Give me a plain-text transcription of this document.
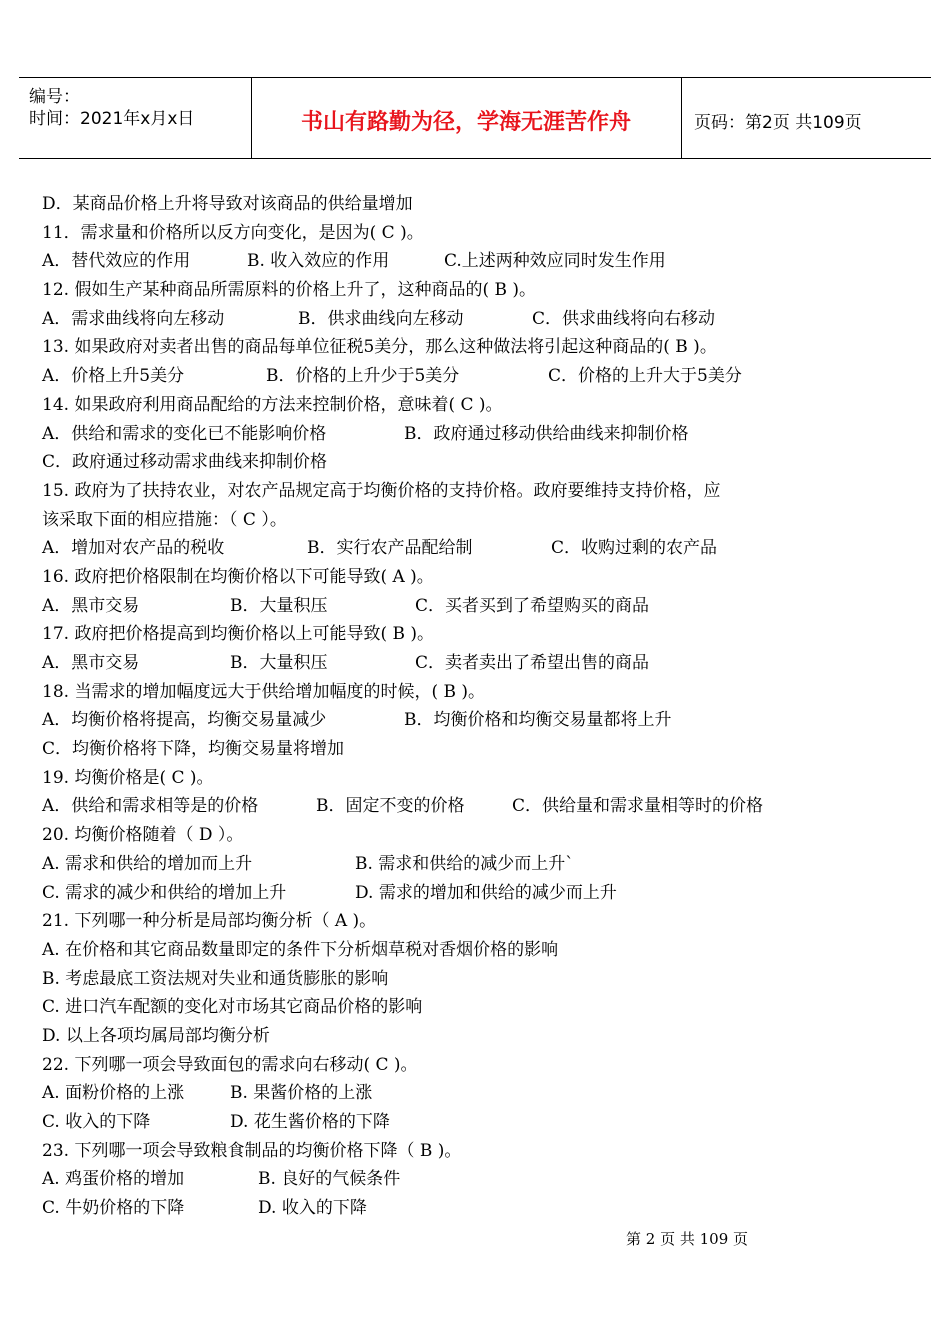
编号：
时间：2021年x月x日	书山有路勤为径，学海无涯苦作舟	页码：第2页 共109页
D．某商品价格上升将导致对该商品的供给量增加
11．需求量和价格所以反方向变化，是因为( C )。
A．替代效应的作用	B. 收入效应的作用	C.上述两种效应同时发生作用
12. 假如生产某种商品所需原料的价格上升了，这种商品的( B )。
A．需求曲线将向左移动	B．供求曲线向左移动	C．供求曲线将向右移动
13. 如果政府对卖者出售的商品每单位征税5美分，那么这种做法将引起这种商品的( B )。
A．价格上升5美分	B．价格的上升少于5美分	C．价格的上升大于5美分
14. 如果政府利用商品配给的方法来控制价格，意味着( C )。
A．供给和需求的变化已不能影响价格	B．政府通过移动供给曲线来抑制价格
C．政府通过移动需求曲线来抑制价格
15. 政府为了扶持农业，对农产品规定高于均衡价格的支持价格。政府要维持支持价格，应
该采取下面的相应措施：（ C ）。
A．增加对农产品的税收	B．实行农产品配给制	C．收购过剩的农产品
16. 政府把价格限制在均衡价格以下可能导致( A )。
A．黑市交易	B．大量积压	C．买者买到了希望购买的商品
17. 政府把价格提高到均衡价格以上可能导致( B )。
A．黑市交易	B．大量积压	C．卖者卖出了希望出售的商品
18. 当需求的增加幅度远大于供给增加幅度的时候，( B )。
A．均衡价格将提高，均衡交易量减少	B．均衡价格和均衡交易量都将上升
C．均衡价格将下降，均衡交易量将增加
19. 均衡价格是( C )。
A．供给和需求相等是的价格	B．固定不变的价格	C．供给量和需求量相等时的价格
20. 均衡价格随着（ D ）。
A. 需求和供给的增加而上升	B. 需求和供给的减少而上升`
C. 需求的减少和供给的增加上升	D. 需求的增加和供给的减少而上升
21. 下列哪一种分析是局部均衡分析（ A )。
A. 在价格和其它商品数量即定的条件下分析烟草税对香烟价格的影响
B. 考虑最底工资法规对失业和通货膨胀的影响
C. 进口汽车配额的变化对市场其它商品价格的影响
D. 以上各项均属局部均衡分析
22. 下列哪一项会导致面包的需求向右移动( C )。
A. 面粉价格的上涨	B. 果酱价格的上涨
C. 收入的下降	D. 花生酱价格的下降
23. 下列哪一项会导致粮食制品的均衡价格下降（ B )。
A. 鸡蛋价格的增加	B. 良好的气候条件
C. 牛奶价格的下降	D. 收入的下降
第 2 页 共 109 页
